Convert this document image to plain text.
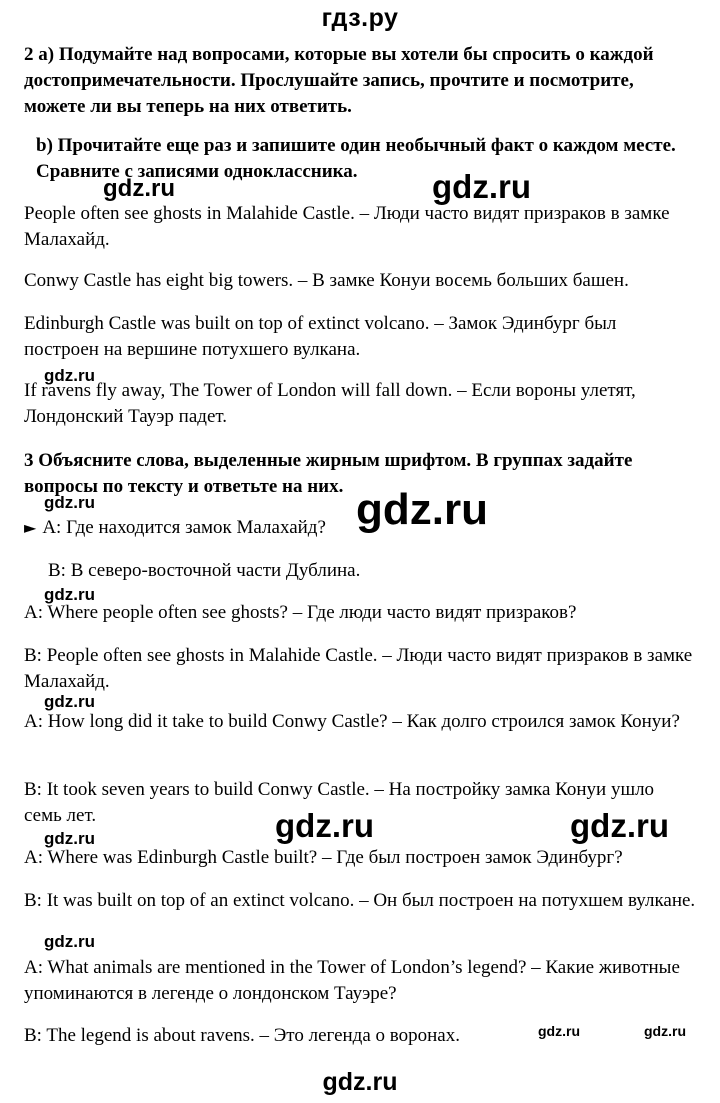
гдз.ру

2 а) Подумайте над вопросами, которые вы хотели бы спросить о каждой достопримечательности. Прослушайте запись, прочтите и посмотрите, можете ли вы теперь на них ответить.

b) Прочитайте еще раз и запишите один необычный факт о каждом месте. Сравните с записями одноклассника.

People often see ghosts in Malahide Castle. – Люди часто видят призраков в замке Малахайд.

Conwy Castle has eight big towers. – В замке Конуи восемь больших башен.

Edinburgh Castle was built on top of extinct volcano. – Замок Эдинбург был построен на вершине потухшего вулкана.

If ravens fly away, The Tower of London will fall down. – Если вороны улетят, Лондонский Тауэр падет.

3 Объясните слова, выделенные жирным шрифтом. В группах задайте вопросы по тексту и ответьте на них.

► A: Где находится замок Малахайд?

B: В северо-восточной части Дублина.

A: Where people often see ghosts? – Где люди часто видят призраков?

B: People often see ghosts in Malahide Castle. – Люди часто видят призраков в замке Малахайд.

A: How long did it take to build Conwy Castle? – Как долго строился замок Конуи?

B: It took seven years to build Conwy Castle. – На постройку замка Конуи ушло семь лет.

A: Where was Edinburgh Castle built? – Где был построен замок Эдинбург?

B: It was built on top of an extinct volcano. – Он был построен на потухшем вулкане.

A: What animals are mentioned in the Tower of London’s legend? – Какие животные упоминаются в легенде о лондонском Тауэре?

B: The legend is about ravens. – Это легенда о воронах.

gdz.ru	gdz.ru
gdz.ru
gdz.ru	gdz.ru
gdz.ru
gdz.ru
gdz.ru	gdz.ru	gdz.ru
gdz.ru
gdz.ru	gdz.ru
gdz.ru
